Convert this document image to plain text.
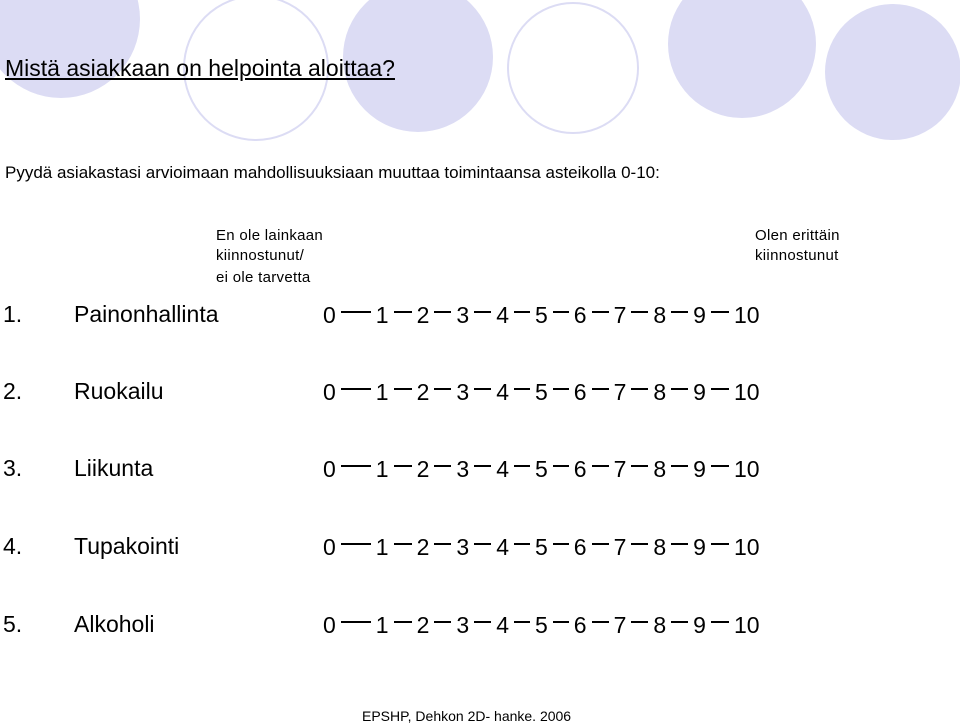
Mistä asiakkaan on helpointa aloittaa?
Pyydä asiakastasi arvioimaan mahdollisuuksiaan muuttaa toimintaansa asteikolla 0-10:
En ole lainkaan
kiinnostunut/
ei ole tarvetta
Olen erittäin
kiinnostunut
1. Painonhallinta	0 1 2 3 4 5 6 7 8 9 10
2. Ruokailu	0 1 2 3 4 5 6 7 8 9 10
3. Liikunta	0 1 2 3 4 5 6 7 8 9 10
4. Tupakointi	0 1 2 3 4 5 6 7 8 9 10
5. Alkoholi	0 1 2 3 4 5 6 7 8 9 10
EPSHP, Dehkon 2D- hanke. 2006
